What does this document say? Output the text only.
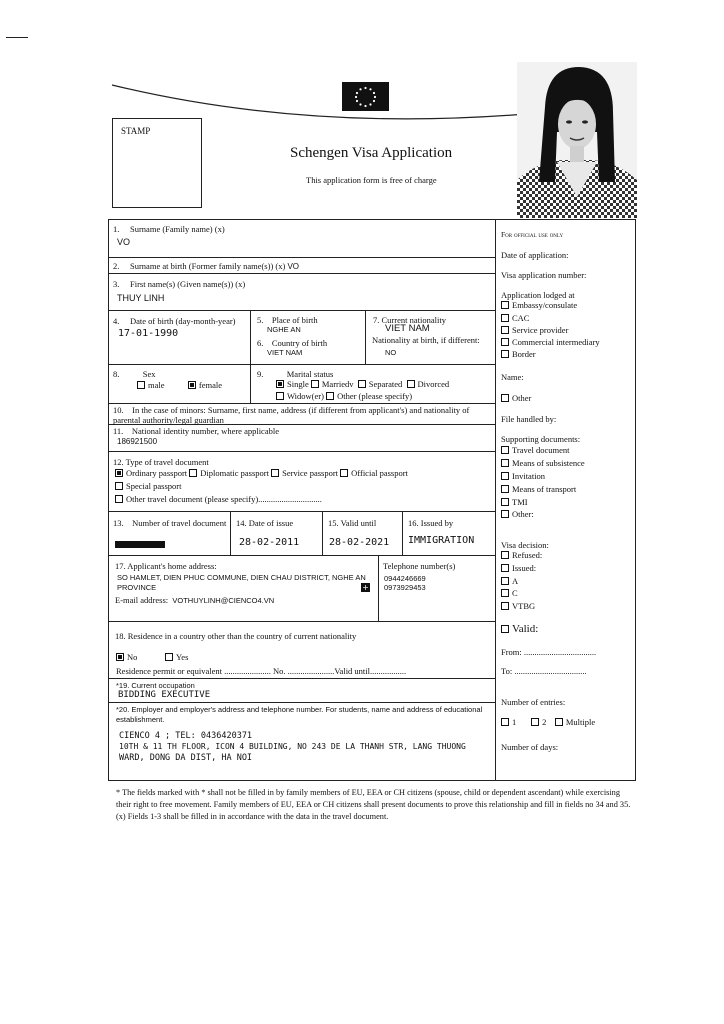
STAMP
Schengen Visa Application
This application form is free of charge
1.     Surname (Family name) (x)
VO
2.     Surname at birth (Former family name(s)) (x) VO
3.     First name(s) (Given name(s)) (x)
THUY LINH
4.     Date of birth (day-month-year)
17-01-1990
5.    Place of birth
NGHE AN
6.    Country of birth
VIET NAM
7. Current nationality
VIET NAM
Nationality at birth, if different:
NO
8.           Sex
male	female
9.           Marital status
Single Marriedv  Separated Divorced
Widow(er) Other (please specify)
10.    In the case of minors: Surname, first name, address (if different from applicant's) and nationality of parental authority/legal guardian
11.    National identity number, where applicable
186921500
12. Type of travel document
Ordinary passport Diplomatic passport Service passport Official passport
Special passport
Other travel document (please specify)..............................
13.    Number of travel document 14. Date of issue
28-02-2011
15. Valid until
28-02-2021
16. Issued by
IMMIGRATION
17. Applicant's home address:
SO HAMLET, DIEN PHUC COMMUNE, DIEN CHAU DISTRICT, NGHE AN PROVINCE	+
E-mail address: VOTHUYLINH@CIENCO4.VN
Telephone number(s)
0944246669
0973929453
18. Residence in a country other than the country of current nationality
No	Yes
Residence permit or equivalent ...................... No. ......................Valid until.................
*19. Current occupation
BIDDING EXECUTIVE
*20. Employer and employer's address and telephone number. For students, name and address of educational establishment.
CIENCO 4 ; TEL: 0436420371
10TH & 11 TH FLOOR, ICON 4 BUILDING, NO 243 DE LA THANH STR, LANG THUONG
WARD, DONG DA DIST, HA NOI
For official use only
Date of application:
Visa application number:
Application lodged at
Embassy/consulate
CAC
Service provider
Commercial intermediary
Border
Name:
Other
File handled by:
Supporting documents:
Travel document
Means of subsistence
Invitation
Means of transport
TMI
Other:
Visa decision:
Refused:
Issued:
A
C
VTBG
Valid:
From: ..................................
To: ..................................
Number of entries:
1	2 Multiple
Number of days:
* The fields marked with * shall not be filled in by family members of EU, EEA or CH citizens (spouse, child or dependent ascendant) while exercising their right to free movement. Family members of EU, EEA or CH citizens shall present documents to prove this relationship and fill in fields no 34 and 35. (x) Fields 1-3 shall be filled in in accordance with the data in the travel document.
